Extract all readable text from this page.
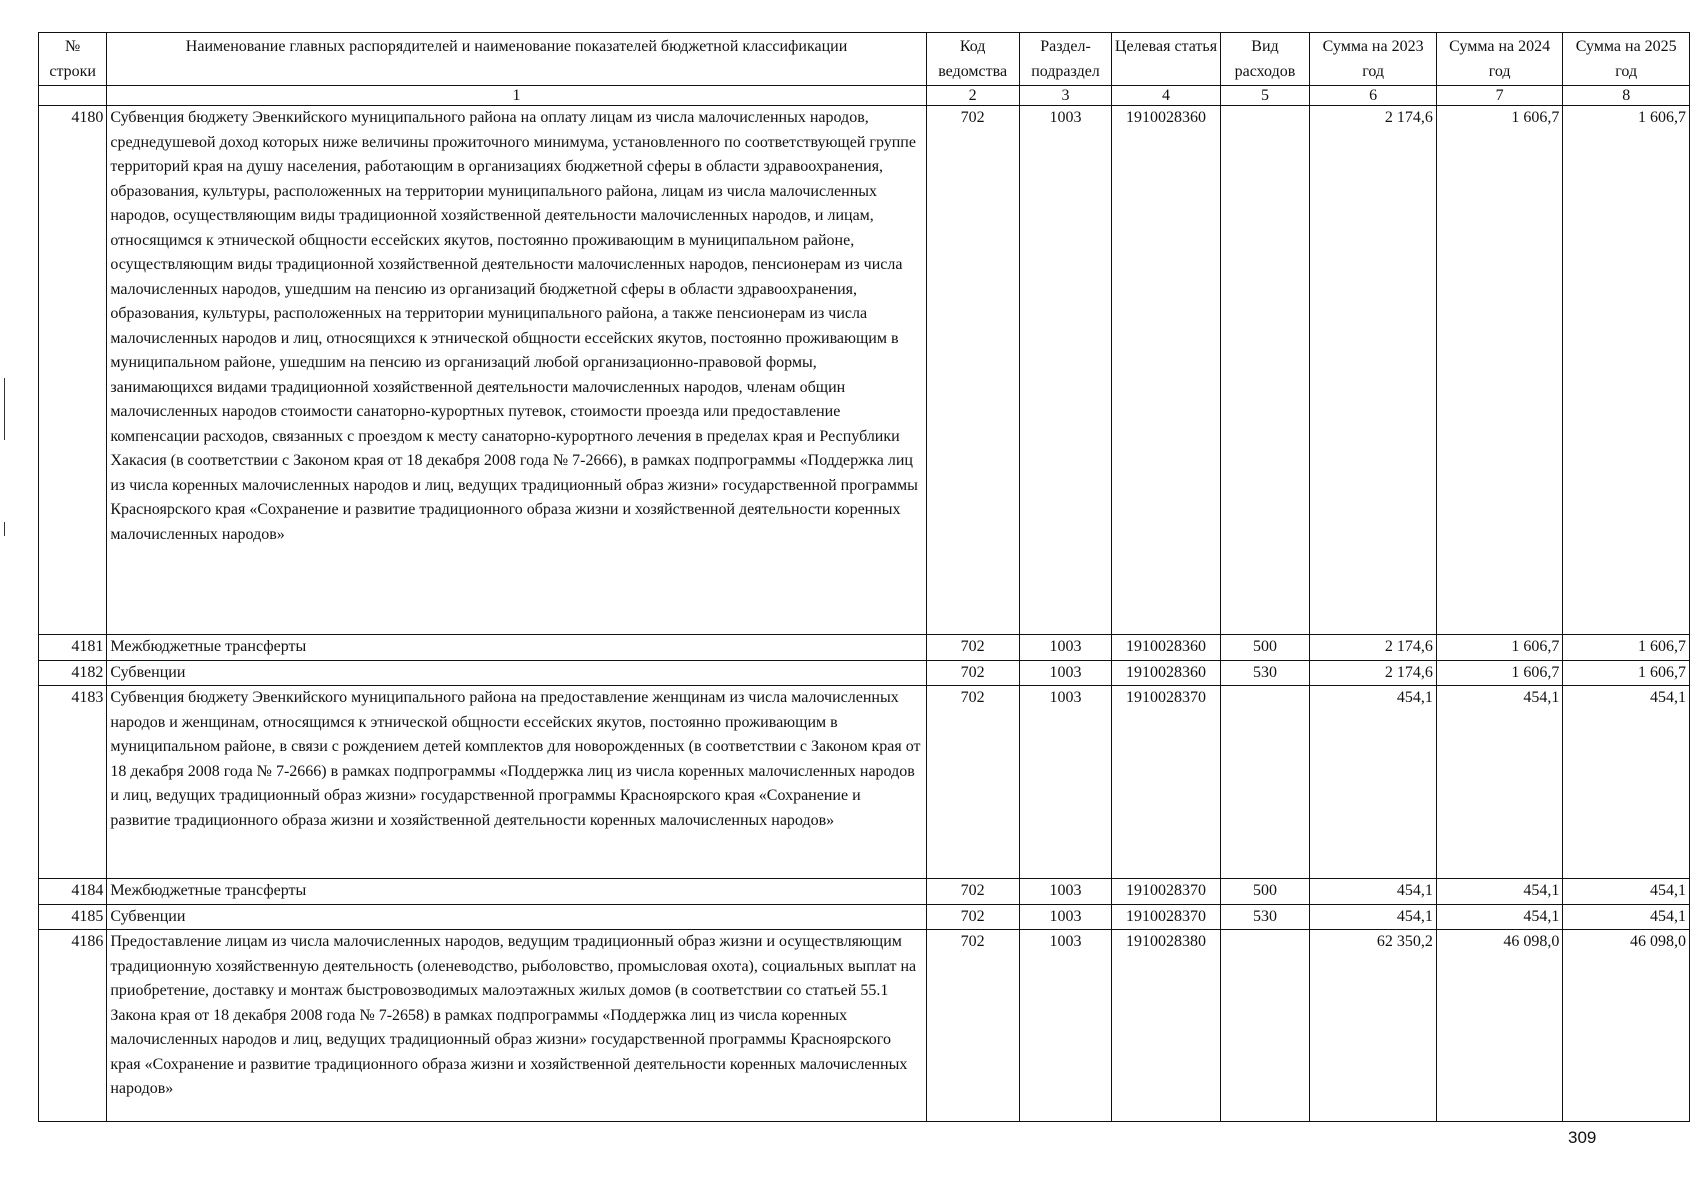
№ строки	Наименование главных распорядителей и наименование показателей бюджетной классификации	Код ведомства	Раздел-подраздел	Целевая статья	Вид расходов	Сумма на 2023 год	Сумма на 2024 год	Сумма на 2025 год
	1	2	3	4	5	6	7	8
4180	Субвенция бюджету Эвенкийского муниципального района на оплату лицам из числа малочисленных народов, среднедушевой доход которых ниже величины прожиточного минимума, установленного по соответствующей группе территорий края на душу населения, работающим в организациях бюджетной сферы в области здравоохранения, образования, культуры, расположенных на территории муниципального района, лицам из числа малочисленных народов, осуществляющим виды традиционной хозяйственной деятельности малочисленных народов, и лицам, относящимся к этнической общности ессейских якутов, постоянно проживающим в муниципальном районе, осуществляющим виды традиционной хозяйственной деятельности малочисленных народов, пенсионерам из числа малочисленных народов, ушедшим на пенсию из организаций бюджетной сферы в области здравоохранения, образования, культуры, расположенных на территории муниципального района, а также пенсионерам из числа малочисленных народов и лиц, относящихся к этнической общности ессейских якутов, постоянно проживающим в муниципальном районе, ушедшим на пенсию из организаций любой организационно-правовой формы, занимающихся видами традиционной хозяйственной деятельности малочисленных народов, членам общин малочисленных народов стоимости санаторно-курортных путевок, стоимости проезда или предоставление компенсации расходов, связанных с проездом к месту санаторно-курортного лечения в пределах края и Республики Хакасия (в соответствии с Законом края от 18 декабря 2008 года № 7-2666), в рамках подпрограммы «Поддержка лиц из числа коренных малочисленных народов и лиц, ведущих традиционный образ жизни» государственной программы Красноярского края «Сохранение и развитие традиционного образа жизни и хозяйственной деятельности коренных малочисленных народов»	702	1003	1910028360		2 174,6	1 606,7	1 606,7
4181	Межбюджетные трансферты	702	1003	1910028360	500	2 174,6	1 606,7	1 606,7
4182	Субвенции	702	1003	1910028360	530	2 174,6	1 606,7	1 606,7
4183	Субвенция бюджету Эвенкийского муниципального района на предоставление женщинам из числа малочисленных народов и женщинам, относящимся к этнической общности ессейских якутов, постоянно проживающим в муниципальном районе, в связи с рождением детей комплектов для новорожденных (в соответствии с Законом края от 18 декабря 2008 года № 7-2666) в рамках подпрограммы «Поддержка лиц из числа коренных малочисленных народов и лиц, ведущих традиционный образ жизни» государственной программы Красноярского края «Сохранение и развитие традиционного образа жизни и хозяйственной деятельности коренных малочисленных народов»	702	1003	1910028370		454,1	454,1	454,1
4184	Межбюджетные трансферты	702	1003	1910028370	500	454,1	454,1	454,1
4185	Субвенции	702	1003	1910028370	530	454,1	454,1	454,1
4186	Предоставление лицам из числа малочисленных народов, ведущим традиционный образ жизни и осуществляющим традиционную хозяйственную деятельность (оленеводство, рыболовство, промысловая охота), социальных выплат на приобретение, доставку и монтаж быстровозводимых малоэтажных жилых домов (в соответствии со статьей 55.1 Закона края от 18 декабря 2008 года № 7-2658) в рамках подпрограммы «Поддержка лиц из числа коренных малочисленных народов и лиц, ведущих традиционный образ жизни» государственной программы Красноярского края «Сохранение и развитие традиционного образа жизни и хозяйственной деятельности коренных малочисленных народов»	702	1003	1910028380		62 350,2	46 098,0	46 098,0
309
